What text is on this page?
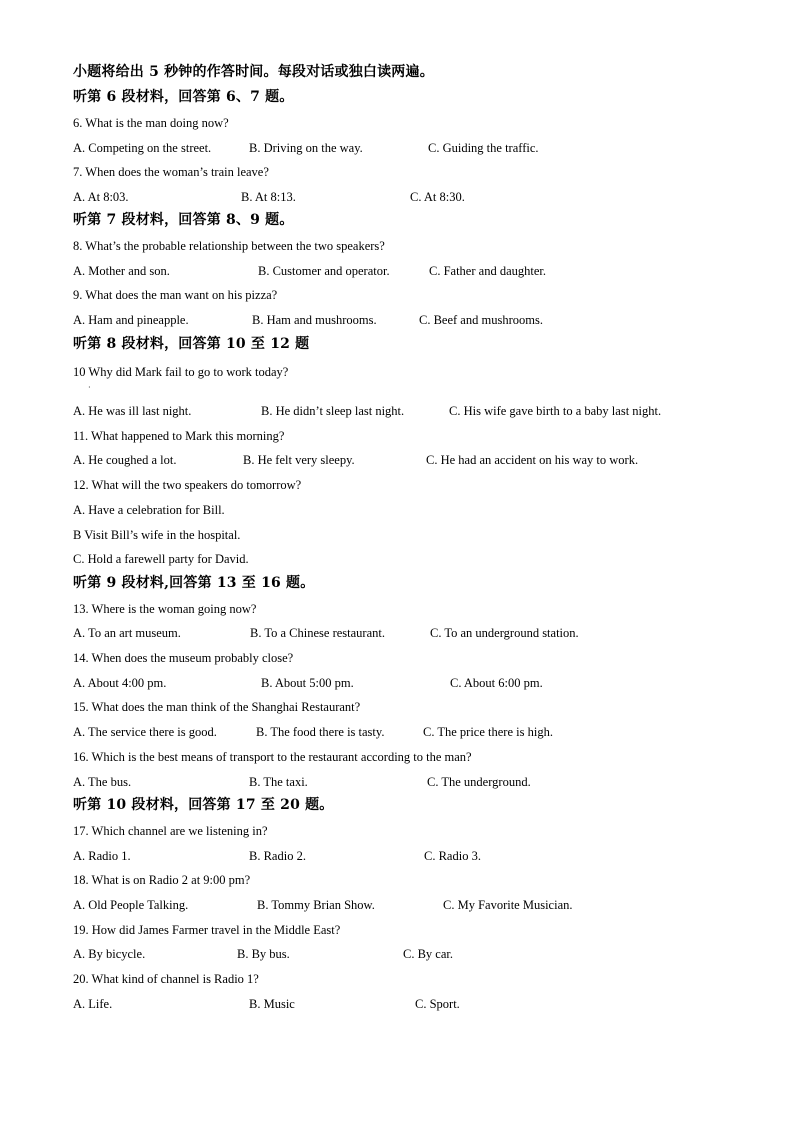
小题将给出 5 秒钟的作答时间。每段对话或独白读两遍。
听第 6 段材料，回答第 6、7 题。
6. What is the man doing now?
A. Competing on the street.	B. Driving on the way.	C. Guiding the traffic.
7. When does the woman’s train leave?
A. At 8:03.	B. At 8:13.	C. At 8:30.
听第 7 段材料，回答第 8、9 题。
8. What’s the probable relationship between the two speakers?
A. Mother and son.	B. Customer and operator.	C. Father and daughter.
9. What does the man want on his pizza?
A. Ham and pineapple.	B. Ham and mushrooms.	C. Beef and mushrooms.
听第 8 段材料，回答第 10 至 12 题
10 Why did Mark fail to go to work today?
·
A. He was ill last night.	B. He didn’t sleep last night.	C. His wife gave birth to a baby last night.
11. What happened to Mark this morning?
A. He coughed a lot.	B. He felt very sleepy.	C. He had an accident on his way to work.
12. What will the two speakers do tomorrow?
A. Have a celebration for Bill.
B Visit Bill’s wife in the hospital.
C. Hold a farewell party for David.
听第 9 段材料,回答第 13 至 16 题。
13. Where is the woman going now?
A. To an art museum.	B. To a Chinese restaurant.	C. To an underground station.
14. When does the museum probably close?
A. About 4:00 pm.	B. About 5:00 pm.	C. About 6:00 pm.
15. What does the man think of the Shanghai Restaurant?
A. The service there is good.	B. The food there is tasty.	C. The price there is high.
16. Which is the best means of transport to the restaurant according to the man?
A. The bus.	B. The taxi.	C. The underground.
听第 10 段材料，回答第 17 至 20 题。
17. Which channel are we listening in?
A. Radio 1.	B. Radio 2.	C. Radio 3.
18. What is on Radio 2 at 9:00 pm?
A. Old People Talking.	B. Tommy Brian Show.	C. My Favorite Musician.
19. How did James Farmer travel in the Middle East?
A. By bicycle.	B. By bus.	C. By car.
20. What kind of channel is Radio 1?
A. Life.	B. Music	C. Sport.
